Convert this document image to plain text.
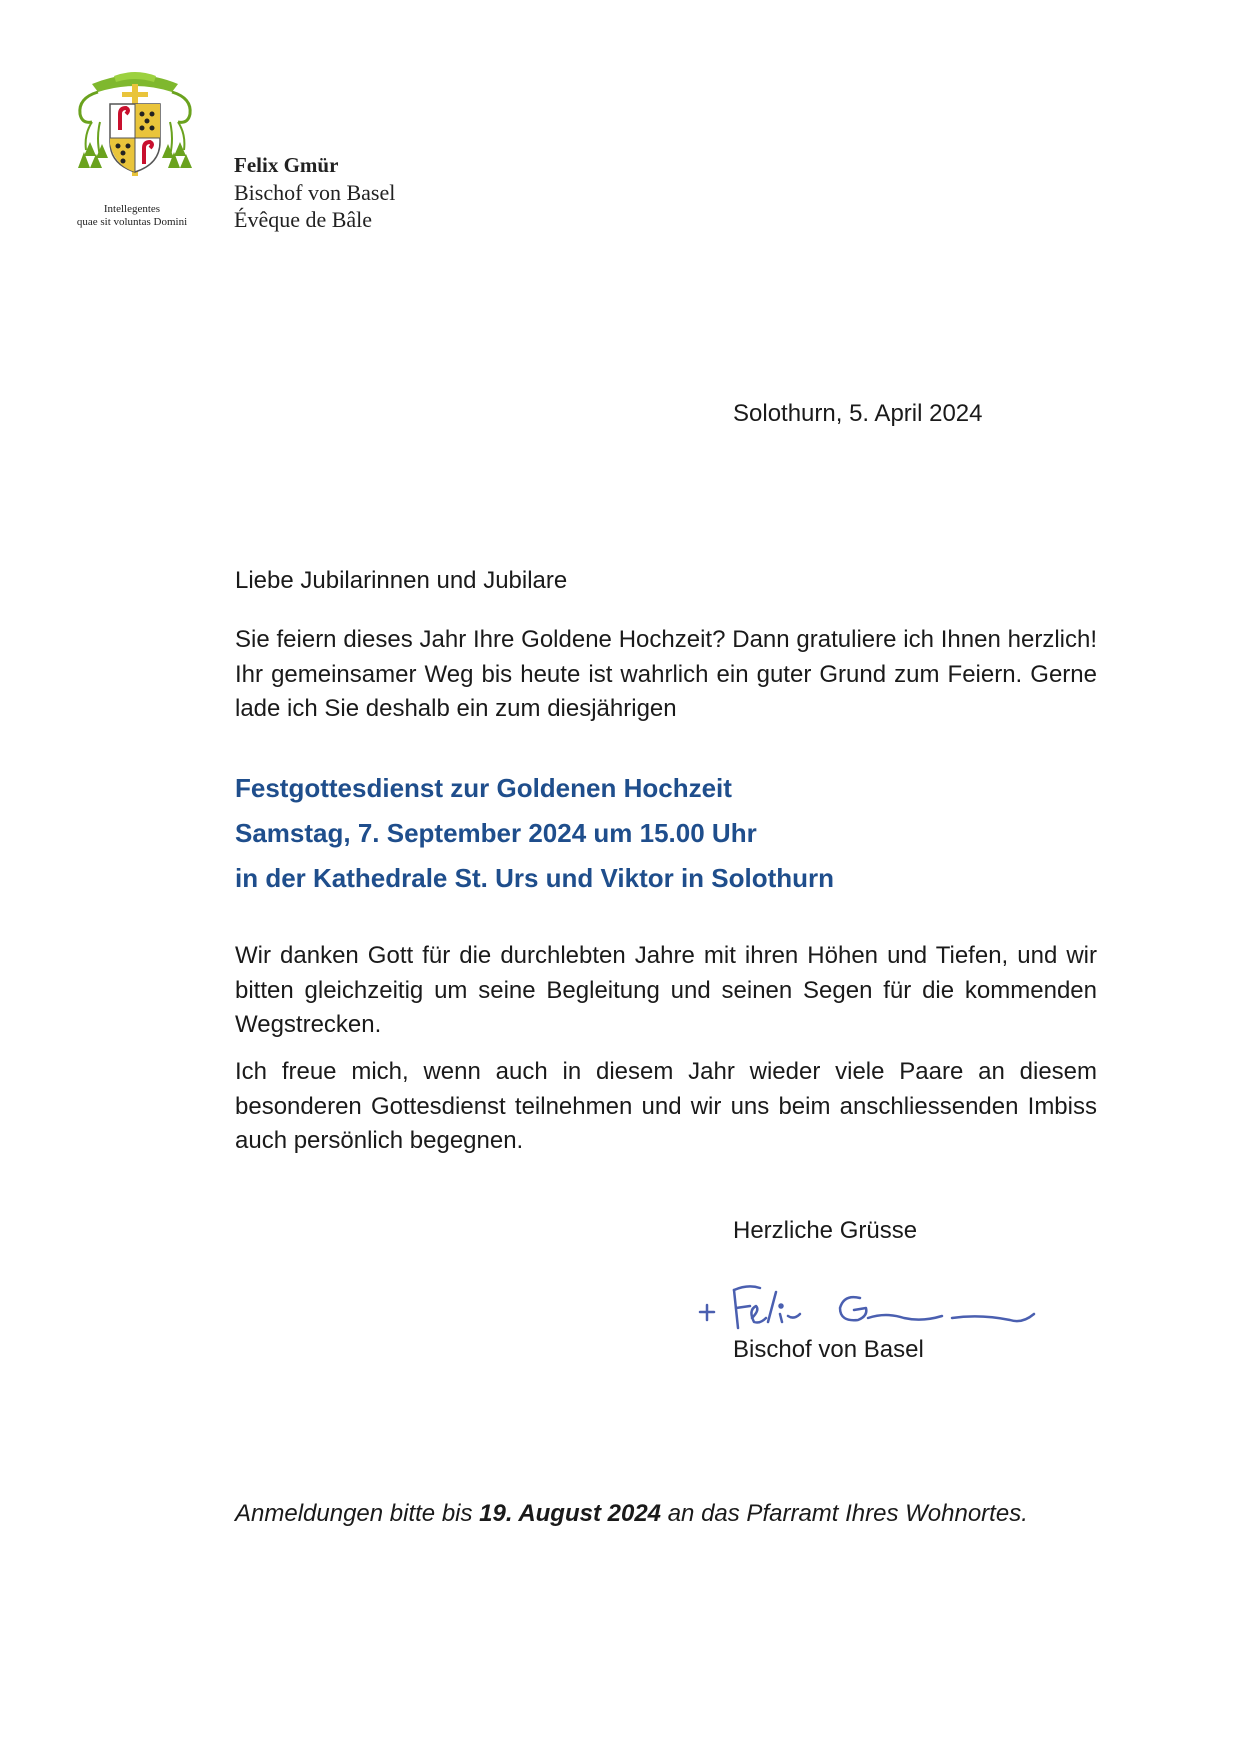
Intellegentes
quae sit voluntas Domini
Felix Gmür
Bischof von Basel
Évêque de Bâle
Solothurn, 5. April 2024
Liebe Jubilarinnen und Jubilare

Sie feiern dieses Jahr Ihre Goldene Hochzeit? Dann gratuliere ich Ihnen herzlich! Ihr gemeinsamer Weg bis heute ist wahrlich ein guter Grund zum Feiern. Gerne lade ich Sie deshalb ein zum diesjährigen

Festgottesdienst zur Goldenen Hochzeit
Samstag, 7. September 2024 um 15.00 Uhr
in der Kathedrale St. Urs und Viktor in Solothurn

Wir danken Gott für die durchlebten Jahre mit ihren Höhen und Tiefen, und wir bitten gleichzeitig um seine Begleitung und seinen Segen für die kommenden Wegstrecken.

Ich freue mich, wenn auch in diesem Jahr wieder viele Paare an diesem besonderen Gottesdienst teilnehmen und wir uns beim anschliessenden Imbiss auch persönlich begegnen.

Herzliche Grüsse
Bischof von Basel
Anmeldungen bitte bis 19. August 2024 an das Pfarramt Ihres Wohnortes.
